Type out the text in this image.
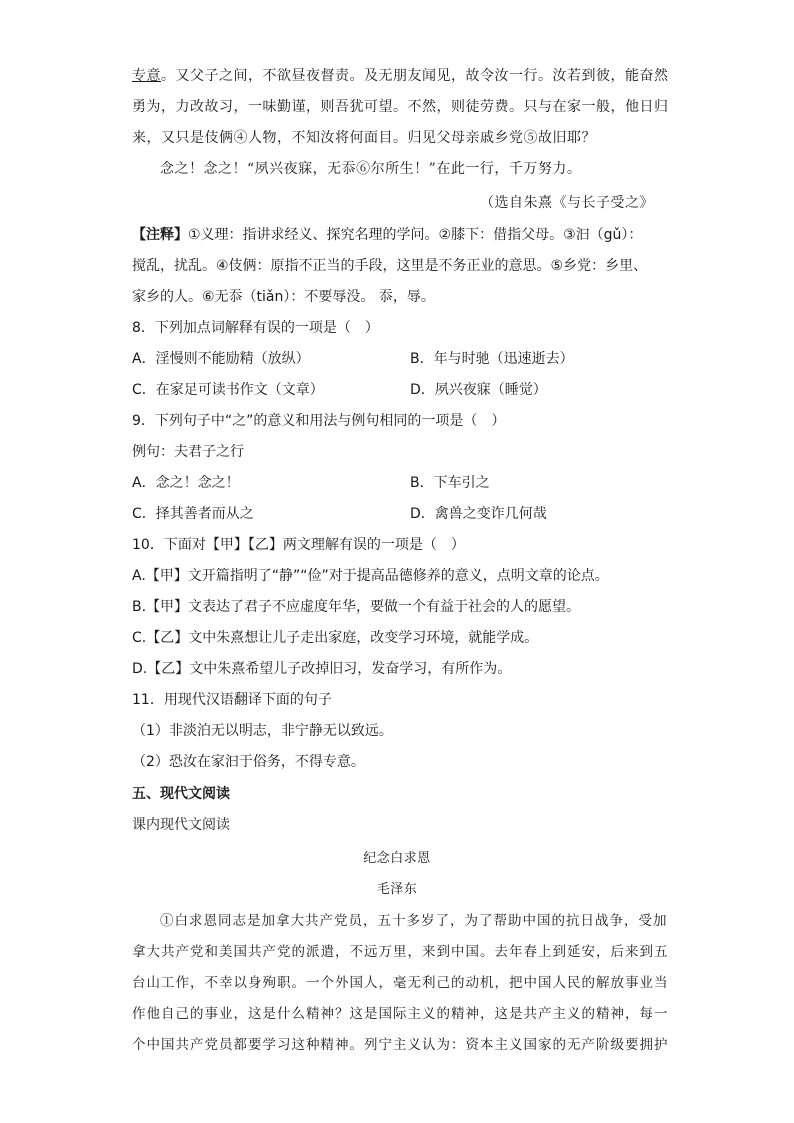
专意。又父子之间，不欲昼夜督责。及无朋友闻见，故令汝一行。汝若到彼，能奋然
勇为，力改故习，一味勤谨，则吾犹可望。不然，则徒劳费。只与在家一般，他日归
来，又只是伎俩④人物，不知汝将何面目。归见父母亲戚乡党⑤故旧耶？
念之！念之！“夙兴夜寐，无忝⑥尔所生！”在此一行，千万努力。
（选自朱熹《与长子受之》
【注释】①义理：指讲求经义、探究名理的学问。②膝下：借指父母。③汩（gǔ）：
搅乱，扰乱。④伎俩：原指不正当的手段，这里是不务正业的意思。⑤乡党：乡里、
家乡的人。⑥无忝（tiǎn）：不要辱没。 忝，辱。
8．下列加点词解释有误的一项是（　）
A．淫慢则不能励精（放纵）	B．年与时驰（迅速逝去）
C．在家足可读书作文（文章）	D．夙兴夜寐（睡觉）
9．下列句子中“之”的意义和用法与例句相同的一项是（　）
例句：夫君子之行
A．念之！念之！	B．下车引之
C．择其善者而从之	D．禽兽之变诈几何哉
10．下面对【甲】【乙】两文理解有误的一项是（　）
A.【甲】文开篇指明了“静”“俭”对于提高品德修养的意义，点明文章的论点。
B.【甲】文表达了君子不应虚度年华，要做一个有益于社会的人的愿望。
C.【乙】文中朱熹想让儿子走出家庭，改变学习环境，就能学成。
D.【乙】文中朱熹希望儿子改掉旧习，发奋学习，有所作为。
11．用现代汉语翻译下面的句子
（1）非淡泊无以明志，非宁静无以致远。
（2）恐汝在家汩于俗务，不得专意。
五、现代文阅读
课内现代文阅读
纪念白求恩
毛泽东
①白求恩同志是加拿大共产党员，五十多岁了，为了帮助中国的抗日战争，受加
拿大共产党和美国共产党的派遣，不远万里，来到中国。去年春上到延安，后来到五
台山工作，不幸以身殉职。一个外国人，毫无利己的动机，把中国人民的解放事业当
作他自己的事业，这是什么精神？这是国际主义的精神，这是共产主义的精神，每一
个中国共产党员都要学习这种精神。列宁主义认为：资本主义国家的无产阶级要拥护
